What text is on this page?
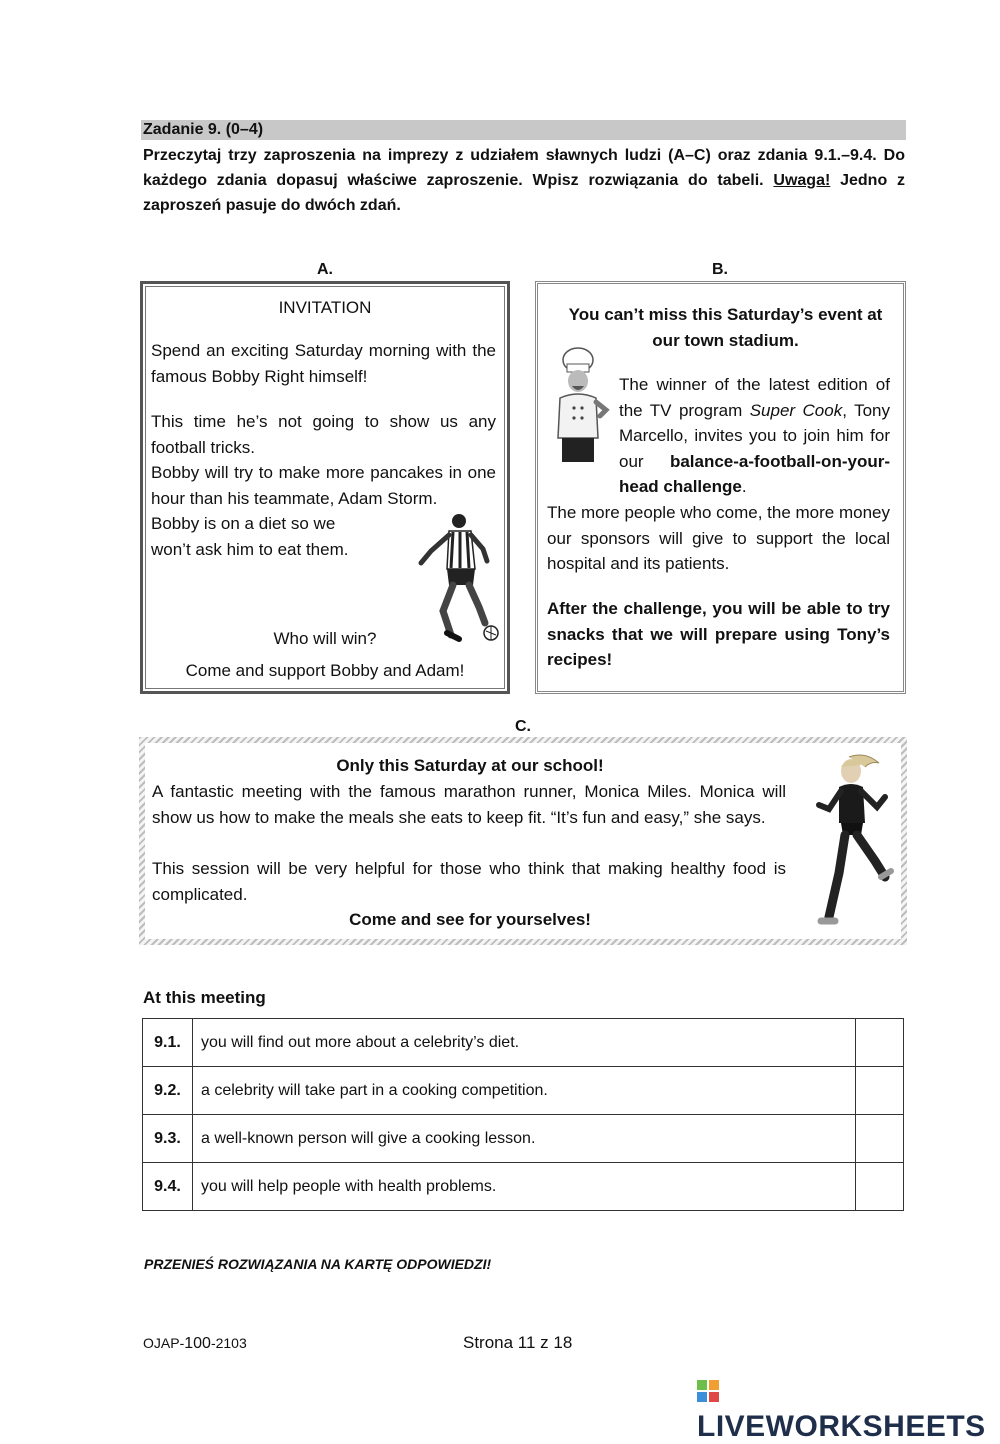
Zadanie 9. (0–4)
Przeczytaj trzy zaproszenia na imprezy z udziałem sławnych ludzi (A–C) oraz zdania 9.1.–9.4. Do każdego zdania dopasuj właściwe zaproszenie. Wpisz rozwiązania do tabeli. Uwaga! Jedno z zaproszeń pasuje do dwóch zdań.
A.	B.
C.
INVITATION
Spend an exciting Saturday morning with the famous Bobby Right himself!
This time he’s not going to show us any football tricks.
Bobby will try to make more pancakes in one hour than his teammate, Adam Storm.
Bobby is on a diet so we
won’t ask him to eat them.
Who will win?
Come and support Bobby and Adam!
You can’t miss this Saturday’s event at our town stadium.
The winner of the latest edition of the TV program Super Cook, Tony Marcello, invites you to join him for our balance-a-football-on-your-head challenge.
The more people who come, the more money our sponsors will give to support the local hospital and its patients.
After the challenge, you will be able to try snacks that we will prepare using Tony’s recipes!
Only this Saturday at our school!
A fantastic meeting with the famous marathon runner, Monica Miles. Monica will show us how to make the meals she eats to keep fit. “It’s fun and easy,” she says.
This session will be very helpful for those who think that making healthy food is complicated.
Come and see for yourselves!
At this meeting
9.1.	you will find out more about a celebrity’s diet.	
9.2.	a celebrity will take part in a cooking competition.	
9.3.	a well-known person will give a cooking lesson.	
9.4.	you will help people with health problems.	
PRZENIEŚ ROZWIĄZANIA NA KARTĘ ODPOWIEDZI!
OJAP-100-2103	Strona 11 z 18
LIVEWORKSHEETS
